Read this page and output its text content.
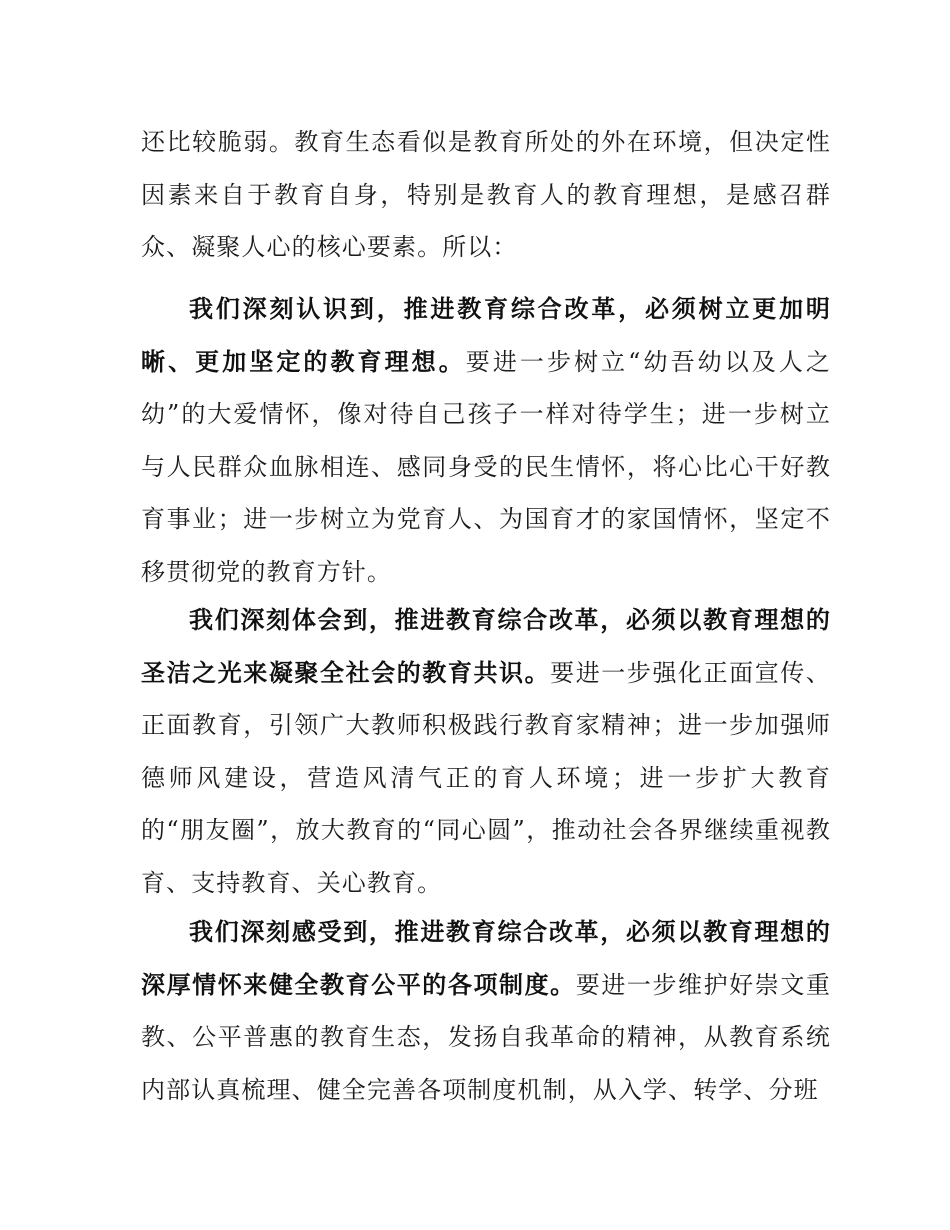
还比较脆弱。教育生态看似是教育所处的外在环境，但决定性因素来自于教育自身，特别是教育人的教育理想，是感召群众、凝聚人心的核心要素。所以：

我们深刻认识到，推进教育综合改革，必须树立更加明晰、更加坚定的教育理想。要进一步树立“幼吾幼以及人之幼”的大爱情怀，像对待自己孩子一样对待学生；进一步树立与人民群众血脉相连、感同身受的民生情怀，将心比心干好教育事业；进一步树立为党育人、为国育才的家国情怀，坚定不移贯彻党的教育方针。

我们深刻体会到，推进教育综合改革，必须以教育理想的圣洁之光来凝聚全社会的教育共识。要进一步强化正面宣传、正面教育，引领广大教师积极践行教育家精神；进一步加强师德师风建设，营造风清气正的育人环境；进一步扩大教育的“朋友圈”，放大教育的“同心圆”，推动社会各界继续重视教育、支持教育、关心教育。

我们深刻感受到，推进教育综合改革，必须以教育理想的深厚情怀来健全教育公平的各项制度。要进一步维护好崇文重教、公平普惠的教育生态，发扬自我革命的精神，从教育系统内部认真梳理、健全完善各项制度机制，从入学、转学、分班
